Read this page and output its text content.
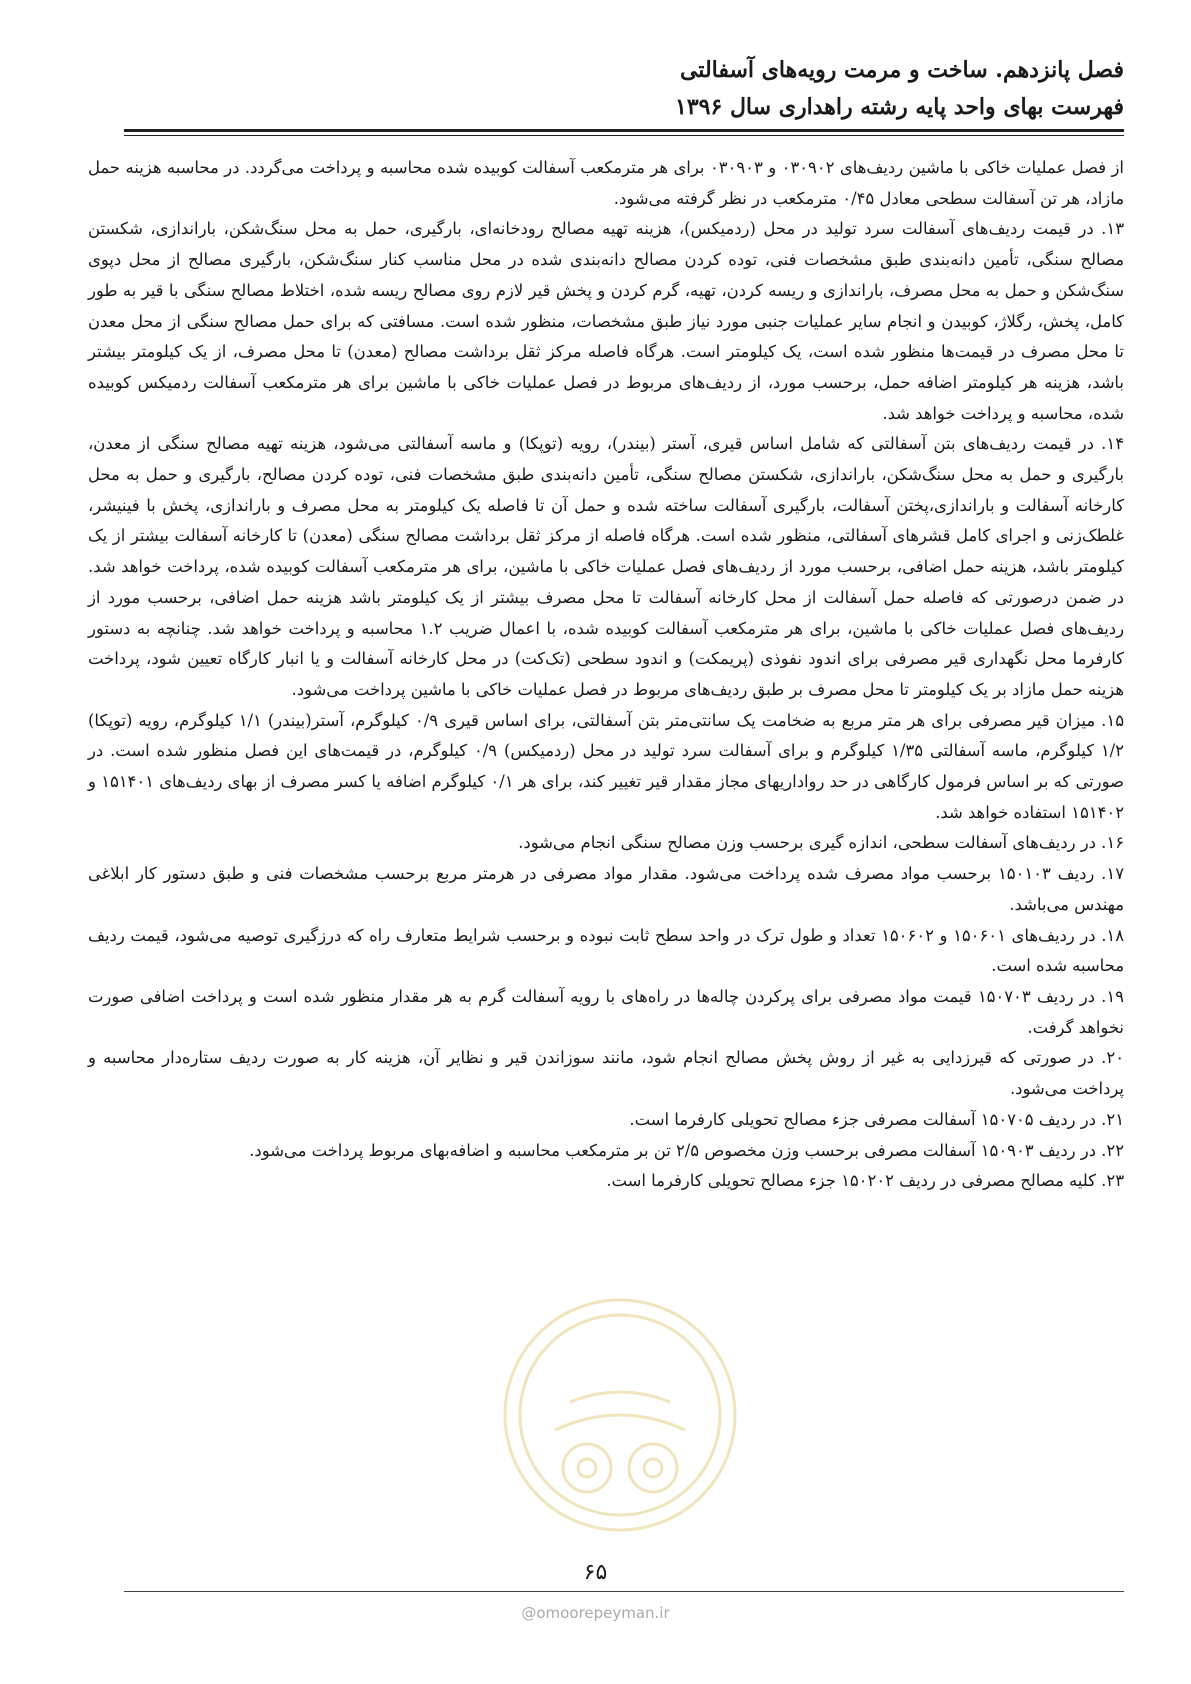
فصل پانزدهم. ساخت و مرمت رویه‌های آسفالتی
فهرست بهای واحد پایه رشته راهداری سال ۱۳۹۶

از فصل عملیات خاکی با ماشین ردیف‌های ۰۳۰۹۰۲ و ۰۳۰۹۰۳ برای هر مترمکعب آسفالت کوبیده شده محاسبه و پرداخت می‌گردد. در محاسبه هزینه حمل مازاد، هر تن آسفالت سطحی معادل ۰/۴۵ مترمکعب در نظر گرفته می‌شود.

۱۳. در قیمت ردیف‌های آسفالت سرد تولید در محل (ردمیکس)، هزینه تهیه مصالح رودخانه‌ای، بارگیری، حمل به محل سنگ‌شکن، باراندازی، شکستن مصالح سنگی، تأمین دانه‌بندی طبق مشخصات فنی، توده کردن مصالح دانه‌بندی شده در محل مناسب کنار سنگ‌شکن، بارگیری مصالح از محل دپوی سنگ‌شکن و حمل به محل مصرف، باراندازی و ریسه کردن، تهیه، گرم کردن و پخش قیر لازم روی مصالح ریسه شده، اختلاط مصالح سنگی با قیر به طور کامل، پخش، رگلاژ، کوبیدن و انجام سایر عملیات جنبی مورد نیاز طبق مشخصات، منظور شده است. مسافتی که برای حمل مصالح سنگی از محل معدن تا محل مصرف در قیمت‌ها منظور شده است، یک کیلومتر است. هرگاه فاصله مرکز ثقل برداشت مصالح (معدن) تا محل مصرف، از یک کیلومتر بیشتر باشد، هزینه هر کیلومتر اضافه حمل، برحسب مورد، از ردیف‌های مربوط در فصل عملیات خاکی با ماشین برای هر مترمکعب آسفالت ردمیکس کوبیده شده، محاسبه و پرداخت خواهد شد.

۱۴. در قیمت ردیف‌های بتن آسفالتی که شامل اساس قیری، آستر (بیندر)، رویه (توپکا) و ماسه آسفالتی می‌شود، هزینه تهیه مصالح سنگی از معدن، بارگیری و حمل به محل سنگ‌شکن، باراندازی، شکستن مصالح سنگی، تأمین دانه‌بندی طبق مشخصات فنی، توده کردن مصالح، بارگیری و حمل به محل کارخانه آسفالت و باراندازی،پختن آسفالت، بارگیری آسفالت ساخته شده و حمل آن تا فاصله یک کیلومتر به محل مصرف و باراندازی، پخش با فینیشر، غلطک‌زنی و اجرای کامل قشرهای آسفالتی، منظور شده است. هرگاه فاصله از مرکز ثقل برداشت مصالح سنگی (معدن) تا کارخانه آسفالت بیشتر از یک کیلومتر باشد، هزینه حمل اضافی، برحسب مورد از ردیف‌های فصل عملیات خاکی با ماشین، برای هر مترمکعب آسفالت کوبیده شده، پرداخت خواهد شد. در ضمن درصورتی که فاصله حمل آسفالت از محل کارخانه آسفالت تا محل مصرف بیشتر از یک کیلومتر باشد هزینه حمل اضافی، برحسب مورد از ردیف‌های فصل عملیات خاکی با ماشین، برای هر مترمکعب آسفالت کوبیده شده، با اعمال ضریب ۱.۲ محاسبه و پرداخت خواهد شد. چنانچه به دستور کارفرما محل نگهداری قیر مصرفی برای اندود نفوذی (پریمکت) و اندود سطحی (تک‌کت) در محل کارخانه آسفالت و یا انبار کارگاه تعیین شود، پرداخت هزینه حمل مازاد بر یک کیلومتر تا محل مصرف بر طبق ردیف‌های مربوط در فصل عملیات خاکی با ماشین پرداخت می‌شود.

۱۵. میزان قیر مصرفی برای هر متر مربع به ضخامت یک سانتی‌متر بتن آسفالتی، برای اساس قیری ۰/۹ کیلوگرم، آستر(بیندر) ۱/۱ کیلوگرم، رویه (توپکا) ۱/۲ کیلوگرم، ماسه آسفالتی ۱/۳۵ کیلوگرم و برای آسفالت سرد تولید در محل (ردمیکس) ۰/۹ کیلوگرم، در قیمت‌های این فصل منظور شده است. در صورتی که بر اساس فرمول کارگاهی در حد رواداریهای مجاز مقدار قیر تغییر کند، برای هر ۰/۱ کیلوگرم اضافه یا کسر مصرف از بهای ردیف‌های ۱۵۱۴۰۱ و ۱۵۱۴۰۲ استفاده خواهد شد.

۱۶. در ردیف‌های آسفالت سطحی، اندازه گیری برحسب وزن مصالح سنگی انجام می‌شود.

۱۷. ردیف ۱۵۰۱۰۳ برحسب مواد مصرف شده پرداخت می‌شود. مقدار مواد مصرفی در هرمتر مربع برحسب مشخصات فنی و طبق دستور کار ابلاغی مهندس می‌باشد.

۱۸. در ردیف‌های ۱۵۰۶۰۱ و ۱۵۰۶۰۲ تعداد و طول ترک در واحد سطح ثابت نبوده و برحسب شرایط متعارف راه که درزگیری توصیه می‌شود، قیمت ردیف محاسبه شده است.

۱۹. در ردیف ۱۵۰۷۰۳ قیمت مواد مصرفی برای پرکردن چاله‌ها در راه‌های با رویه آسفالت گرم به هر مقدار منظور شده است و پرداخت اضافی صورت نخواهد گرفت.

۲۰. در صورتی که قیرزدایی به غیر از روش پخش مصالح انجام شود، مانند سوزاندن قیر و نظایر آن، هزینه کار به صورت ردیف ستاره‌دار محاسبه و پرداخت می‌شود.

۲۱. در ردیف ۱۵۰۷۰۵ آسفالت مصرفی جزء مصالح تحویلی کارفرما است.

۲۲. در ردیف ۱۵۰۹۰۳ آسفالت مصرفی برحسب وزن مخصوص ۲/۵ تن بر مترمکعب محاسبه و اضافه‌بهای مربوط پرداخت می‌شود.

۲۳. کلیه مصالح مصرفی در ردیف ۱۵۰۲۰۲ جزء مصالح تحویلی کارفرما است.

۶۵
@omoorepeyman.ir
